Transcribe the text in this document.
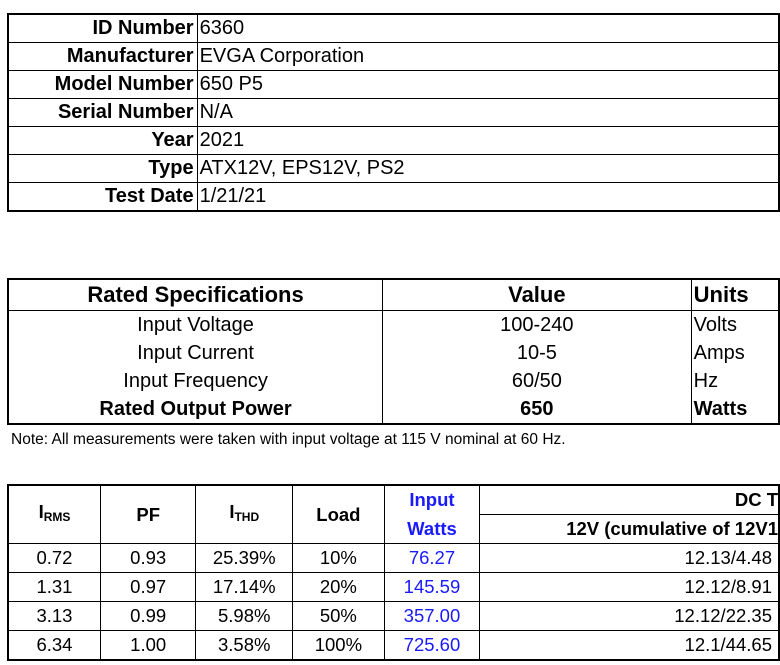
ID Number	6360
Manufacturer	EVGA Corporation
Model Number	650 P5
Serial Number	N/A
Year	2021
Type	ATX12V, EPS12V, PS2
Test Date	1/21/21
Rated Specifications	Value	Units
Input Voltage	100-240	Volts
Input Current	10-5	Amps
Input Frequency	60/50	Hz
Rated Output Power	650	Watts
Note: All measurements were taken with input voltage at 115 V nominal at 60 Hz.
$I_{RMS}$	PF	$I_{THD}$	Load	Input	DC T
				Watts	12V (cumulative of 12V1
0.72	0.93	25.39%	10%	76.27	12.13/4.48
1.31	0.97	17.14%	20%	145.59	12.12/8.91
3.13	0.99	5.98%	50%	357.00	12.12/22.35
6.34	1.00	3.58%	100%	725.60	12.1/44.65
